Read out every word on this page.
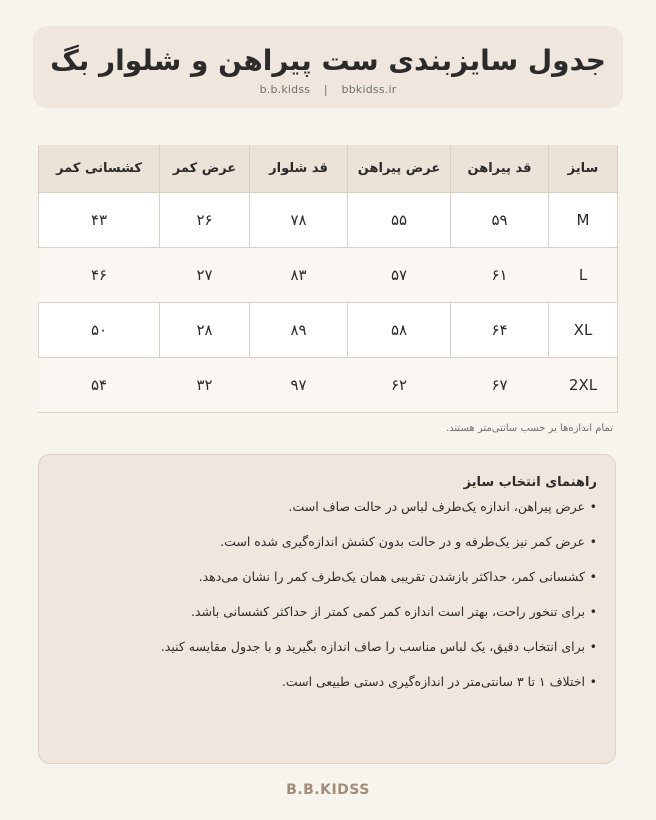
جدول سایزبندی ست پیراهن و شلوار بگ
b.b.kidss | bbkidss.ir
سایز	قد پیراهن	عرض پیراهن	قد شلوار	عرض کمر	کشسانی کمر
M	۵۹	۵۵	۷۸	۲۶	۴۳
L	۶۱	۵۷	۸۳	۲۷	۴۶
XL	۶۴	۵۸	۸۹	۲۸	۵۰
2XL	۶۷	۶۲	۹۷	۳۲	۵۴
تمام اندازه‌ها بر حسب سانتی‌متر هستند.
راهنمای انتخاب سایز
•عرض پیراهن، اندازه یک‌طرف لباس در حالت صاف است.
•عرض کمر نیز یک‌طرفه و در حالت بدون کشش اندازه‌گیری شده است.
•کشسانی کمر، حداکثر بازشدن تقریبی همان یک‌طرف کمر را نشان می‌دهد.
•برای تنخور راحت، بهتر است اندازه کمر کمی کمتر از حداکثر کشسانی باشد.
•برای انتخاب دقیق، یک لباس مناسب را صاف اندازه بگیرید و با جدول مقایسه کنید.
•اختلاف ۱ تا ۳ سانتی‌متر در اندازه‌گیری دستی طبیعی است.
B.B.KIDSS
